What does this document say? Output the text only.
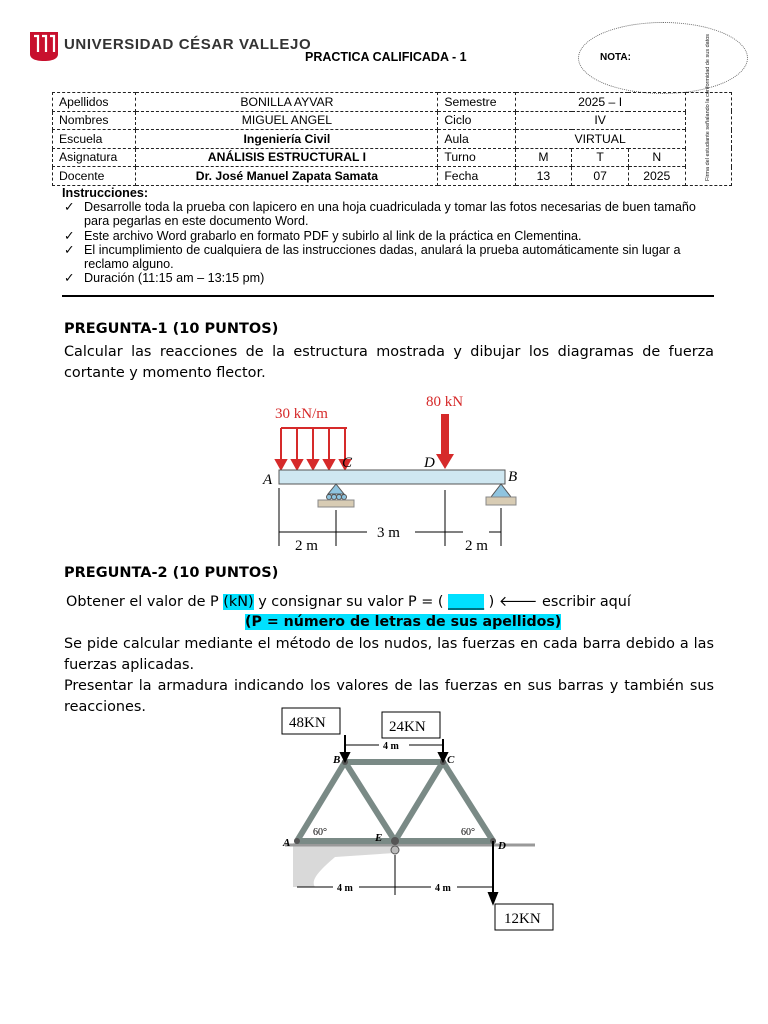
UNIVERSIDAD CÉSAR VALLEJO
PRACTICA CALIFICADA - 1	NOTA:
Apellidos	BONILLA AYVAR	Semestre	2025 – I			Firma del estudiante señalando la conformidad de sus datos

Nombres	MIGUEL ANGEL	Ciclo	IV			
Escuela	Ingeniería Civil	Aula	VIRTUAL			
Asignatura	ANÁLISIS ESTRUCTURAL I	Turno	M	T	N	
Docente	Dr. José Manuel Zapata Samata	Fecha	13	07	2025	
Instrucciones:
✓ Desarrolle toda la prueba con lapicero en una hoja cuadriculada y tomar las fotos necesarias de buen tamaño para pegarlas en este documento Word.
✓ Este archivo Word grabarlo en formato PDF y subirlo al link de la práctica en Clementina.
✓ El incumplimiento de cualquiera de las instrucciones dadas, anulará la prueba automáticamente sin lugar a reclamo alguno.
✓ Duración (11:15 am – 13:15 pm)
PREGUNTA-1 (10 PUNTOS)
Calcular las reacciones de la estructura mostrada y dibujar los diagramas de fuerza cortante y momento flector.
30 kN/m
80 kN
A
C	D
B
2 m
3 m
2 m
PREGUNTA-2 (10 PUNTOS)
Obtener el valor de P (kN) y consignar su valor P = ( _____ ) 🡐 escribir aquí
(P = número de letras de sus apellidos)
Se pide calcular mediante el método de los nudos, las fuerzas en cada barra debido a las fuerzas aplicadas.
Presentar la armadura indicando los valores de las fuerzas en sus barras y también sus reacciones.
48KN	24KN
12KN
4 m
4 m	4 m
60°	60°
A
B	C
D
E
